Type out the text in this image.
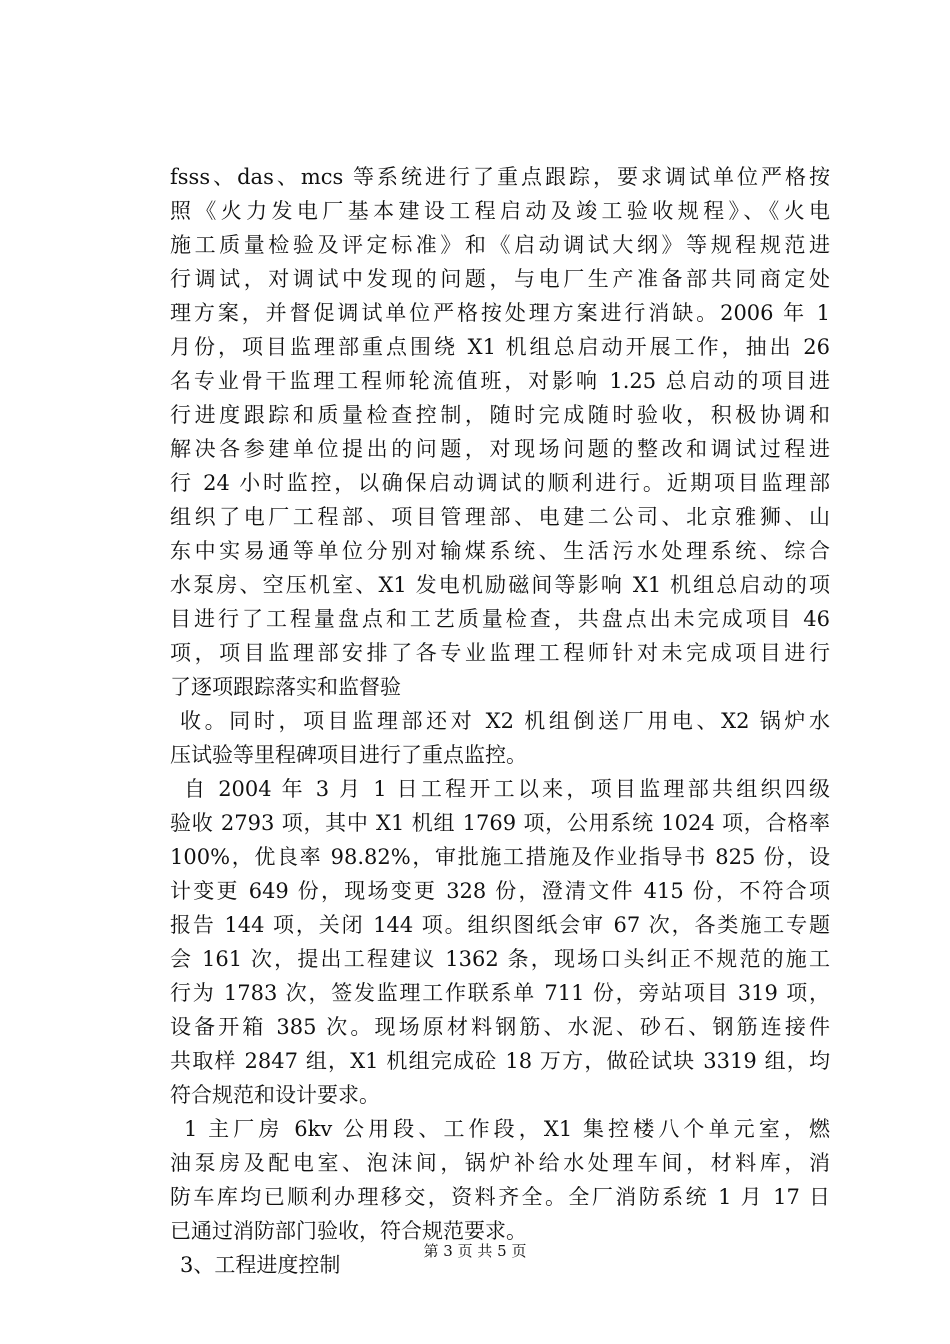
fsss、das、mcs 等系统进行了重点跟踪，要求调试单位严格按
照《火力发电厂基本建设工程启动及竣工验收规程》、《火电
施工质量检验及评定标准》和《启动调试大纲》等规程规范进
行调试，对调试中发现的问题，与电厂生产准备部共同商定处
理方案，并督促调试单位严格按处理方案进行消缺。2006 年 1
月份，项目监理部重点围绕 X1 机组总启动开展工作，抽出 26
名专业骨干监理工程师轮流值班，对影响 1.25 总启动的项目进
行进度跟踪和质量检查控制，随时完成随时验收，积极协调和
解决各参建单位提出的问题，对现场问题的整改和调试过程进
行 24 小时监控，以确保启动调试的顺利进行。近期项目监理部
组织了电厂工程部、项目管理部、电建二公司、北京雅狮、山
东中实易通等单位分别对输煤系统、生活污水处理系统、综合
水泵房、空压机室、X1 发电机励磁间等影响 X1 机组总启动的项
目进行了工程量盘点和工艺质量检查，共盘点出未完成项目 46
项，项目监理部安排了各专业监理工程师针对未完成项目进行
了逐项跟踪落实和监督验
收。同时，项目监理部还对 X2 机组倒送厂用电、X2 锅炉水
压试验等里程碑项目进行了重点监控。
自 2004 年 3 月 1 日工程开工以来，项目监理部共组织四级
验收 2793 项，其中 X1 机组 1769 项，公用系统 1024 项，合格率
100%，优良率 98.82%，审批施工措施及作业指导书 825 份，设
计变更 649 份，现场变更 328 份，澄清文件 415 份，不符合项
报告 144 项，关闭 144 项。组织图纸会审 67 次，各类施工专题
会 161 次，提出工程建议 1362 条，现场口头纠正不规范的施工
行为 1783 次，签发监理工作联系单 711 份，旁站项目 319 项，
设备开箱 385 次。现场原材料钢筋、水泥、砂石、钢筋连接件
共取样 2847 组，X1 机组完成砼 18 万方，做砼试块 3319 组，均
符合规范和设计要求。
1 主厂房 6kv 公用段、工作段，X1 集控楼八个单元室，燃
油泵房及配电室、泡沫间，锅炉补给水处理车间，材料库，消
防车库均已顺利办理移交，资料齐全。全厂消防系统 1 月 17 日
已通过消防部门验收，符合规范要求。
3、工程进度控制
第 3 页 共 5 页
